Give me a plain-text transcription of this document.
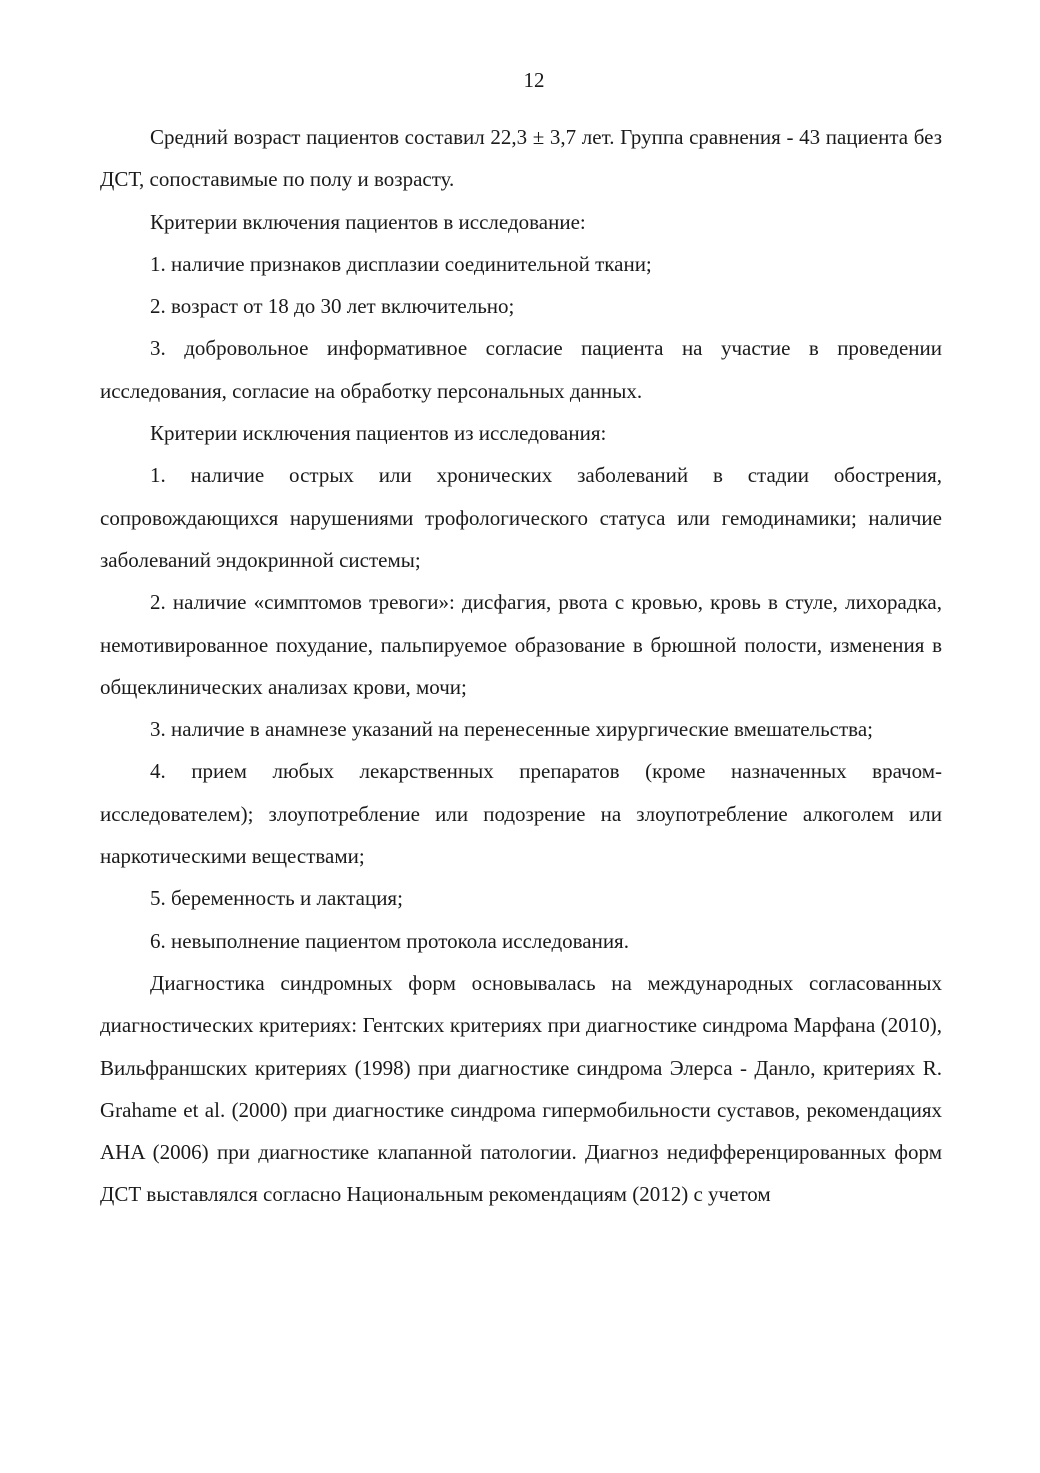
12

Средний возраст пациентов составил 22,3 ± 3,7 лет. Группа сравнения - 43 пациента без ДСТ, сопоставимые по полу и возрасту.

Критерии включения пациентов в исследование:

1. наличие признаков дисплазии соединительной ткани;

2. возраст от 18 до 30 лет включительно;

3. добровольное информативное согласие пациента на участие в проведении исследования, согласие на обработку персональных данных.

Критерии исключения пациентов из исследования:

1. наличие острых или хронических заболеваний в стадии обострения, сопровождающихся нарушениями трофологического статуса или гемодинамики; наличие заболеваний эндокринной системы;

2. наличие «симптомов тревоги»: дисфагия, рвота с кровью, кровь в стуле, лихорадка, немотивированное похудание, пальпируемое образование в брюшной полости, изменения в общеклинических анализах крови, мочи;

3. наличие в анамнезе указаний на перенесенные хирургические вмешательства;

4. прием любых лекарственных препаратов (кроме назначенных врачом-исследователем); злоупотребление или подозрение на злоупотребление алкоголем или наркотическими веществами;

5. беременность и лактация;

6. невыполнение пациентом протокола исследования.

Диагностика синдромных форм основывалась на международных согласованных диагностических критериях: Гентских критериях при диагностике синдрома Марфана (2010), Вильфраншских критериях (1998) при диагностике синдрома Элерса - Данло, критериях R. Grahame et al. (2000) при диагностике синдрома гипермобильности суставов, рекомендациях AHA (2006) при диагностике клапанной патологии. Диагноз недифференцированных форм ДСТ выставлялся согласно Национальным рекомендациям (2012) с учетом
